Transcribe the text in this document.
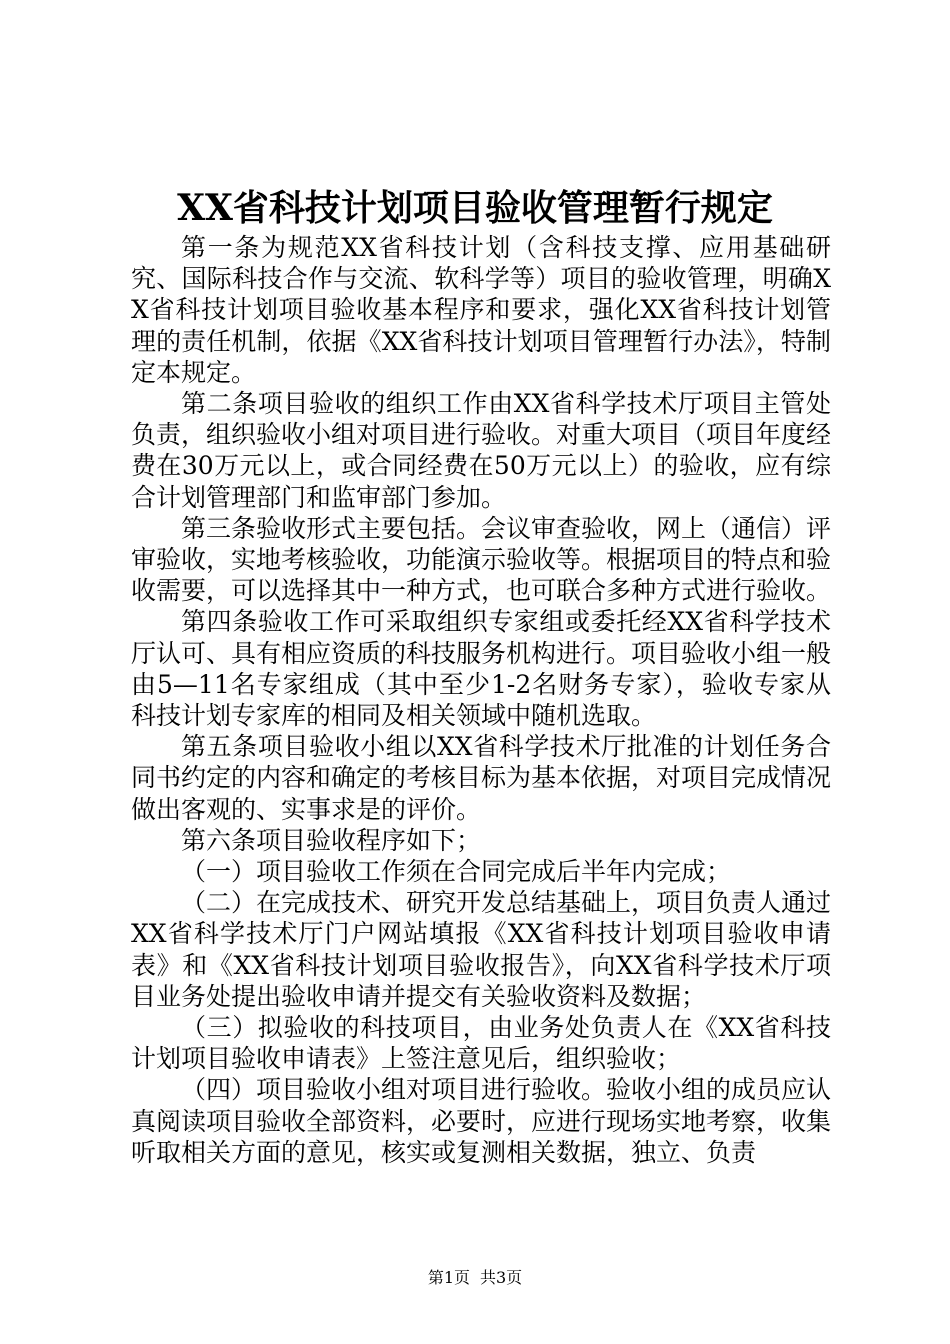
XX省科技计划项目验收管理暂行规定

第一条为规范XX省科技计划（含科技支撑、应用基础研究、国际科技合作与交流、软科学等）项目的验收管理，明确XX省科技计划项目验收基本程序和要求，强化XX省科技计划管理的责任机制，依据《XX省科技计划项目管理暂行办法》，特制定本规定。

第二条项目验收的组织工作由XX省科学技术厅项目主管处负责，组织验收小组对项目进行验收。对重大项目（项目年度经费在30万元以上，或合同经费在50万元以上）的验收，应有综合计划管理部门和监审部门参加。

第三条验收形式主要包括。会议审查验收，网上（通信）评审验收，实地考核验收，功能演示验收等。根据项目的特点和验收需要，可以选择其中一种方式，也可联合多种方式进行验收。

第四条验收工作可采取组织专家组或委托经XX省科学技术厅认可、具有相应资质的科技服务机构进行。项目验收小组一般由5—11名专家组成（其中至少1-2名财务专家），验收专家从科技计划专家库的相同及相关领域中随机选取。

第五条项目验收小组以XX省科学技术厅批准的计划任务合同书约定的内容和确定的考核目标为基本依据，对项目完成情况做出客观的、实事求是的评价。

第六条项目验收程序如下；

（一）项目验收工作须在合同完成后半年内完成；

（二）在完成技术、研究开发总结基础上，项目负责人通过XX省科学技术厅门户网站填报《XX省科技计划项目验收申请表》和《XX省科技计划项目验收报告》，向XX省科学技术厅项目业务处提出验收申请并提交有关验收资料及数据；

（三）拟验收的科技项目，由业务处负责人在《XX省科技计划项目验收申请表》上签注意见后，组织验收；

（四）项目验收小组对项目进行验收。验收小组的成员应认真阅读项目验收全部资料，必要时，应进行现场实地考察，收集听取相关方面的意见，核实或复测相关数据，独立、负责

第1页 共3页
